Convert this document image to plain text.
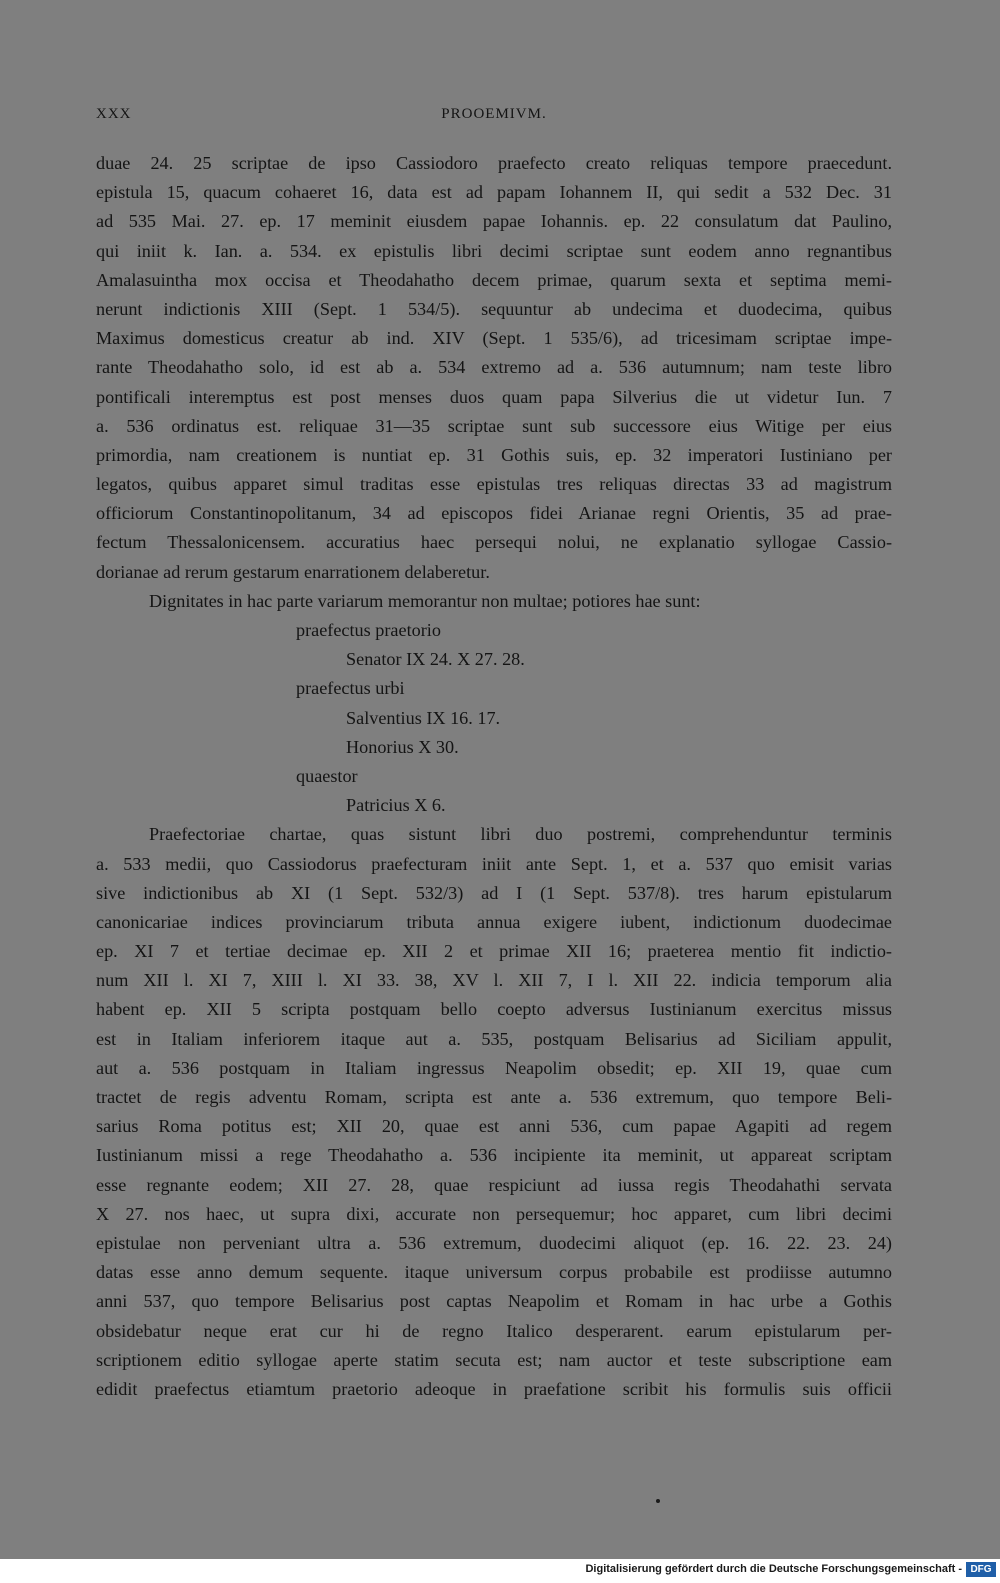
XXX	PROOEMIVM.
duae 24. 25 scriptae de ipso Cassiodoro praefecto creato reliquas tempore praecedunt.
epistula 15, quacum cohaeret 16, data est ad papam Iohannem II, qui sedit a 532 Dec. 31
ad 535 Mai. 27. ep. 17 meminit eiusdem papae Iohannis. ep. 22 consulatum dat Paulino,
qui iniit k. Ian. a. 534. ex epistulis libri decimi scriptae sunt eodem anno regnantibus
Amalasuintha mox occisa et Theodahatho decem primae, quarum sexta et septima memi-
nerunt indictionis XIII (Sept. 1 534/5). sequuntur ab undecima et duodecima, quibus
Maximus domesticus creatur ab ind. XIV (Sept. 1 535/6), ad tricesimam scriptae impe-
rante Theodahatho solo, id est ab a. 534 extremo ad a. 536 autumnum; nam teste libro
pontificali interemptus est post menses duos quam papa Silverius die ut videtur Iun. 7
a. 536 ordinatus est. reliquae 31—35 scriptae sunt sub successore eius Witige per eius
primordia, nam creationem is nuntiat ep. 31 Gothis suis, ep. 32 imperatori Iustiniano per
legatos, quibus apparet simul traditas esse epistulas tres reliquas directas 33 ad magistrum
officiorum Constantinopolitanum, 34 ad episcopos fidei Arianae regni Orientis, 35 ad prae-
fectum Thessalonicensem. accuratius haec persequi nolui, ne explanatio syllogae Cassio-
dorianae ad rerum gestarum enarrationem delaberetur.
Dignitates in hac parte variarum memorantur non multae; potiores hae sunt:
praefectus praetorio
Senator IX 24. X 27. 28.
praefectus urbi
Salventius IX 16. 17.
Honorius X 30.
quaestor
Patricius X 6.
Praefectoriae chartae, quas sistunt libri duo postremi, comprehenduntur terminis
a. 533 medii, quo Cassiodorus praefecturam iniit ante Sept. 1, et a. 537 quo emisit varias
sive indictionibus ab XI (1 Sept. 532/3) ad I (1 Sept. 537/8). tres harum epistularum
canonicariae indices provinciarum tributa annua exigere iubent, indictionum duodecimae
ep. XI 7 et tertiae decimae ep. XII 2 et primae XII 16; praeterea mentio fit indictio-
num XII l. XI 7, XIII l. XI 33. 38, XV l. XII 7, I l. XII 22. indicia temporum alia
habent ep. XII 5 scripta postquam bello coepto adversus Iustinianum exercitus missus
est in Italiam inferiorem itaque aut a. 535, postquam Belisarius ad Siciliam appulit,
aut a. 536 postquam in Italiam ingressus Neapolim obsedit; ep. XII 19, quae cum
tractet de regis adventu Romam, scripta est ante a. 536 extremum, quo tempore Beli-
sarius Roma potitus est; XII 20, quae est anni 536, cum papae Agapiti ad regem
Iustinianum missi a rege Theodahatho a. 536 incipiente ita meminit, ut appareat scriptam
esse regnante eodem; XII 27. 28, quae respiciunt ad iussa regis Theodahathi servata
X 27. nos haec, ut supra dixi, accurate non persequemur; hoc apparet, cum libri decimi
epistulae non perveniant ultra a. 536 extremum, duodecimi aliquot (ep. 16. 22. 23. 24)
datas esse anno demum sequente. itaque universum corpus probabile est prodiisse autumno
anni 537, quo tempore Belisarius post captas Neapolim et Romam in hac urbe a Gothis
obsidebatur neque erat cur hi de regno Italico desperarent. earum epistularum per-
scriptionem editio syllogae aperte statim secuta est; nam auctor et teste subscriptione eam
edidit praefectus etiamtum praetorio adeoque in praefatione scribit his formulis suis officii
Digitalisierung gefördert durch die Deutsche Forschungsgemeinschaft - DFG
